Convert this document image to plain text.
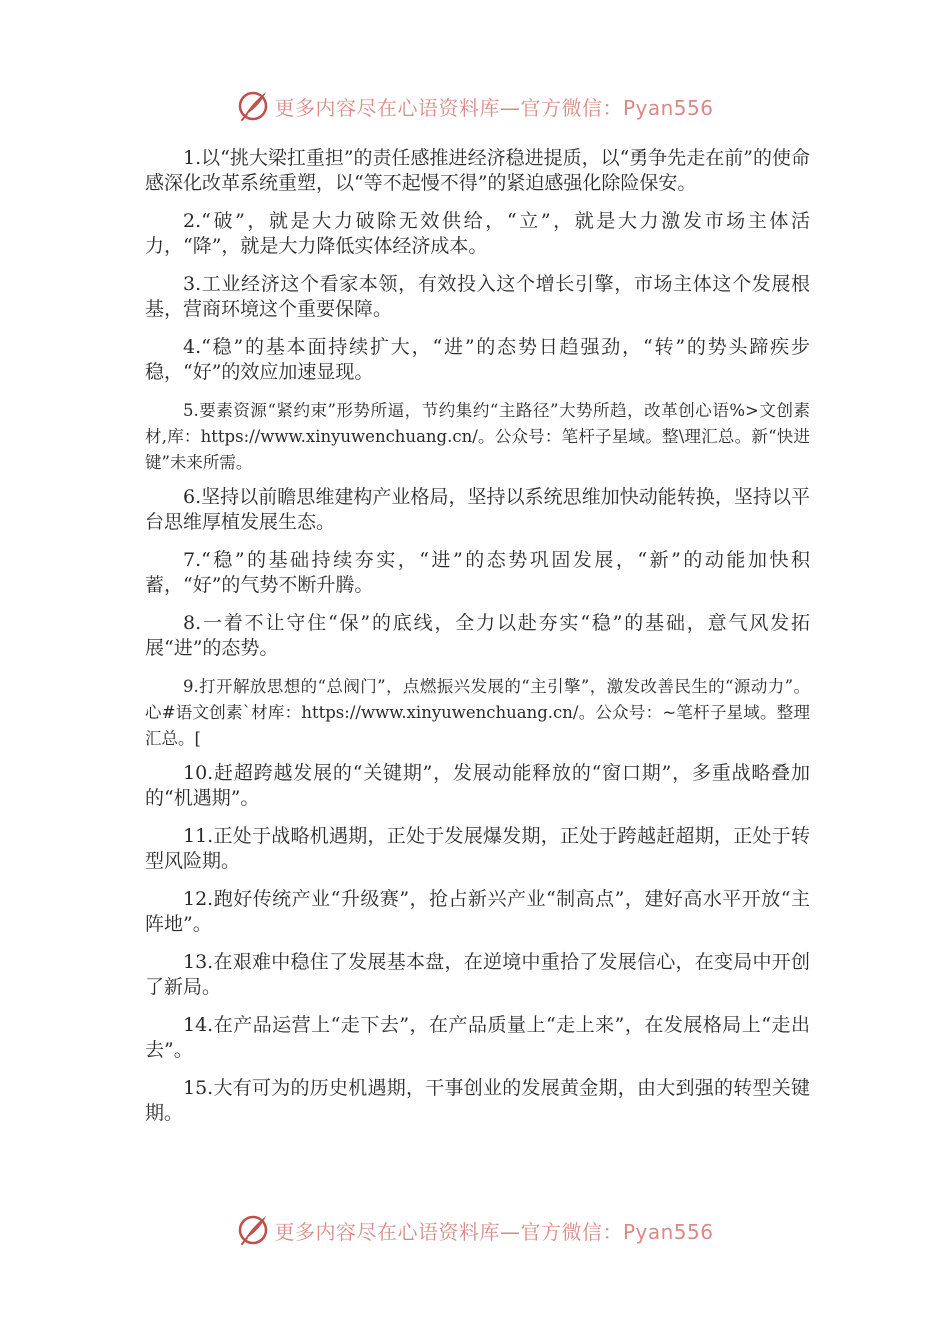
更多内容尽在心语资料库—官方微信：Pyan556

1.以“挑大梁扛重担”的责任感推进经济稳进提质，以“勇争先走在前”的使命感深化改革系统重塑，以“等不起慢不得”的紧迫感强化除险保安。

2.“破”，就是大力破除无效供给，“立”，就是大力激发市场主体活力，“降”，就是大力降低实体经济成本。

3.工业经济这个看家本领，有效投入这个增长引擎，市场主体这个发展根基，营商环境这个重要保障。

4.“稳”的基本面持续扩大，“进”的态势日趋强劲，“转”的势头蹄疾步稳，“好”的效应加速显现。

5.要素资源“紧约束”形势所逼，节约集约“主路径”大势所趋，改革创心语%>文创素材,库：https://www.xinyuwenchuang.cn/。公众号：笔杆子星域。整\理汇总。新“快进键”未来所需。

6.坚持以前瞻思维建构产业格局，坚持以系统思维加快动能转换，坚持以平台思维厚植发展生态。

7.“稳”的基础持续夯实，“进”的态势巩固发展，“新”的动能加快积蓄，“好”的气势不断升腾。

8.一着不让守住“保”的底线，全力以赴夯实“稳”的基础，意气风发拓展“进”的态势。

9.打开解放思想的“总阀门”，点燃振兴发展的“主引擎”，激发改善民生的“源动力”。心#语文创素`材库：https://www.xinyuwenchuang.cn/。公众号：~笔杆子星域。整理汇总。[

10.赶超跨越发展的“关键期”，发展动能释放的“窗口期”，多重战略叠加的“机遇期”。

11.正处于战略机遇期，正处于发展爆发期，正处于跨越赶超期，正处于转型风险期。

12.跑好传统产业“升级赛”，抢占新兴产业“制高点”，建好高水平开放“主阵地”。

13.在艰难中稳住了发展基本盘，在逆境中重拾了发展信心，在变局中开创了新局。

14.在产品运营上“走下去”，在产品质量上“走上来”，在发展格局上“走出去”。

15.大有可为的历史机遇期，干事创业的发展黄金期，由大到强的转型关键期。

更多内容尽在心语资料库—官方微信：Pyan556
